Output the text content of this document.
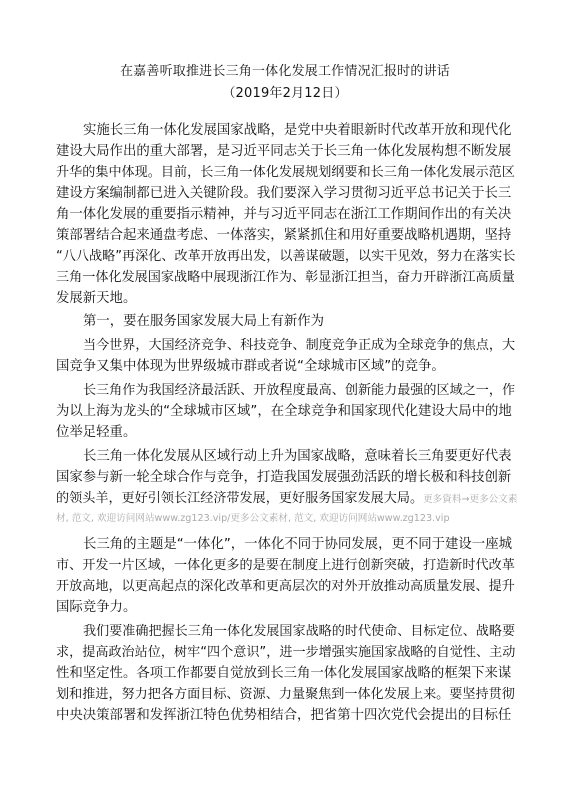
在嘉善听取推进长三角一体化发展工作情况汇报时的讲话
（2019年2月12日）
实施长三角一体化发展国家战略，是党中央着眼新时代改革开放和现代化
建设大局作出的重大部署，是习近平同志关于长三角一体化发展构想不断发展
升华的集中体现。目前，长三角一体化发展规划纲要和长三角一体化发展示范区
建设方案编制都已进入关键阶段。我们要深入学习贯彻习近平总书记关于长三
角一体化发展的重要指示精神，并与习近平同志在浙江工作期间作出的有关决
策部署结合起来通盘考虑、一体落实，紧紧抓住和用好重要战略机遇期，坚持
“八八战略”再深化、改革开放再出发，以善谋破题，以实干见效，努力在落实长
三角一体化发展国家战略中展现浙江作为、彰显浙江担当，奋力开辟浙江高质量
发展新天地。
第一，要在服务国家发展大局上有新作为
当今世界，大国经济竞争、科技竞争、制度竞争正成为全球竞争的焦点，大
国竞争又集中体现为世界级城市群或者说“全球城市区域”的竞争。
长三角作为我国经济最活跃、开放程度最高、创新能力最强的区域之一，作
为以上海为龙头的“全球城市区域”，在全球竞争和国家现代化建设大局中的地
位举足轻重。
长三角一体化发展从区域行动上升为国家战略，意味着长三角要更好代表
国家参与新一轮全球合作与竞争，打造我国发展强劲活跃的增长极和科技创新
的领头羊，更好引领长江经济带发展，更好服务国家发展大局。更多資料→更多公文素
材, 范文, 欢迎访问网站www.zg123.vip/更多公文素材, 范文, 欢迎访问网站www.zg123.vip
长三角的主题是“一体化”，一体化不同于协同发展，更不同于建设一座城
市、开发一片区域，一体化更多的是要在制度上进行创新突破，打造新时代改革
开放高地，以更高起点的深化改革和更高层次的对外开放推动高质量发展、提升
国际竞争力。
我们要准确把握长三角一体化发展国家战略的时代使命、目标定位、战略要
求，提高政治站位，树牢“四个意识”，进一步增强实施国家战略的自觉性、主动
性和坚定性。各项工作都要自觉放到长三角一体化发展国家战略的框架下来谋
划和推进，努力把各方面目标、资源、力量聚焦到一体化发展上来。要坚持贯彻
中央决策部署和发挥浙江特色优势相结合，把省第十四次党代会提出的目标任
